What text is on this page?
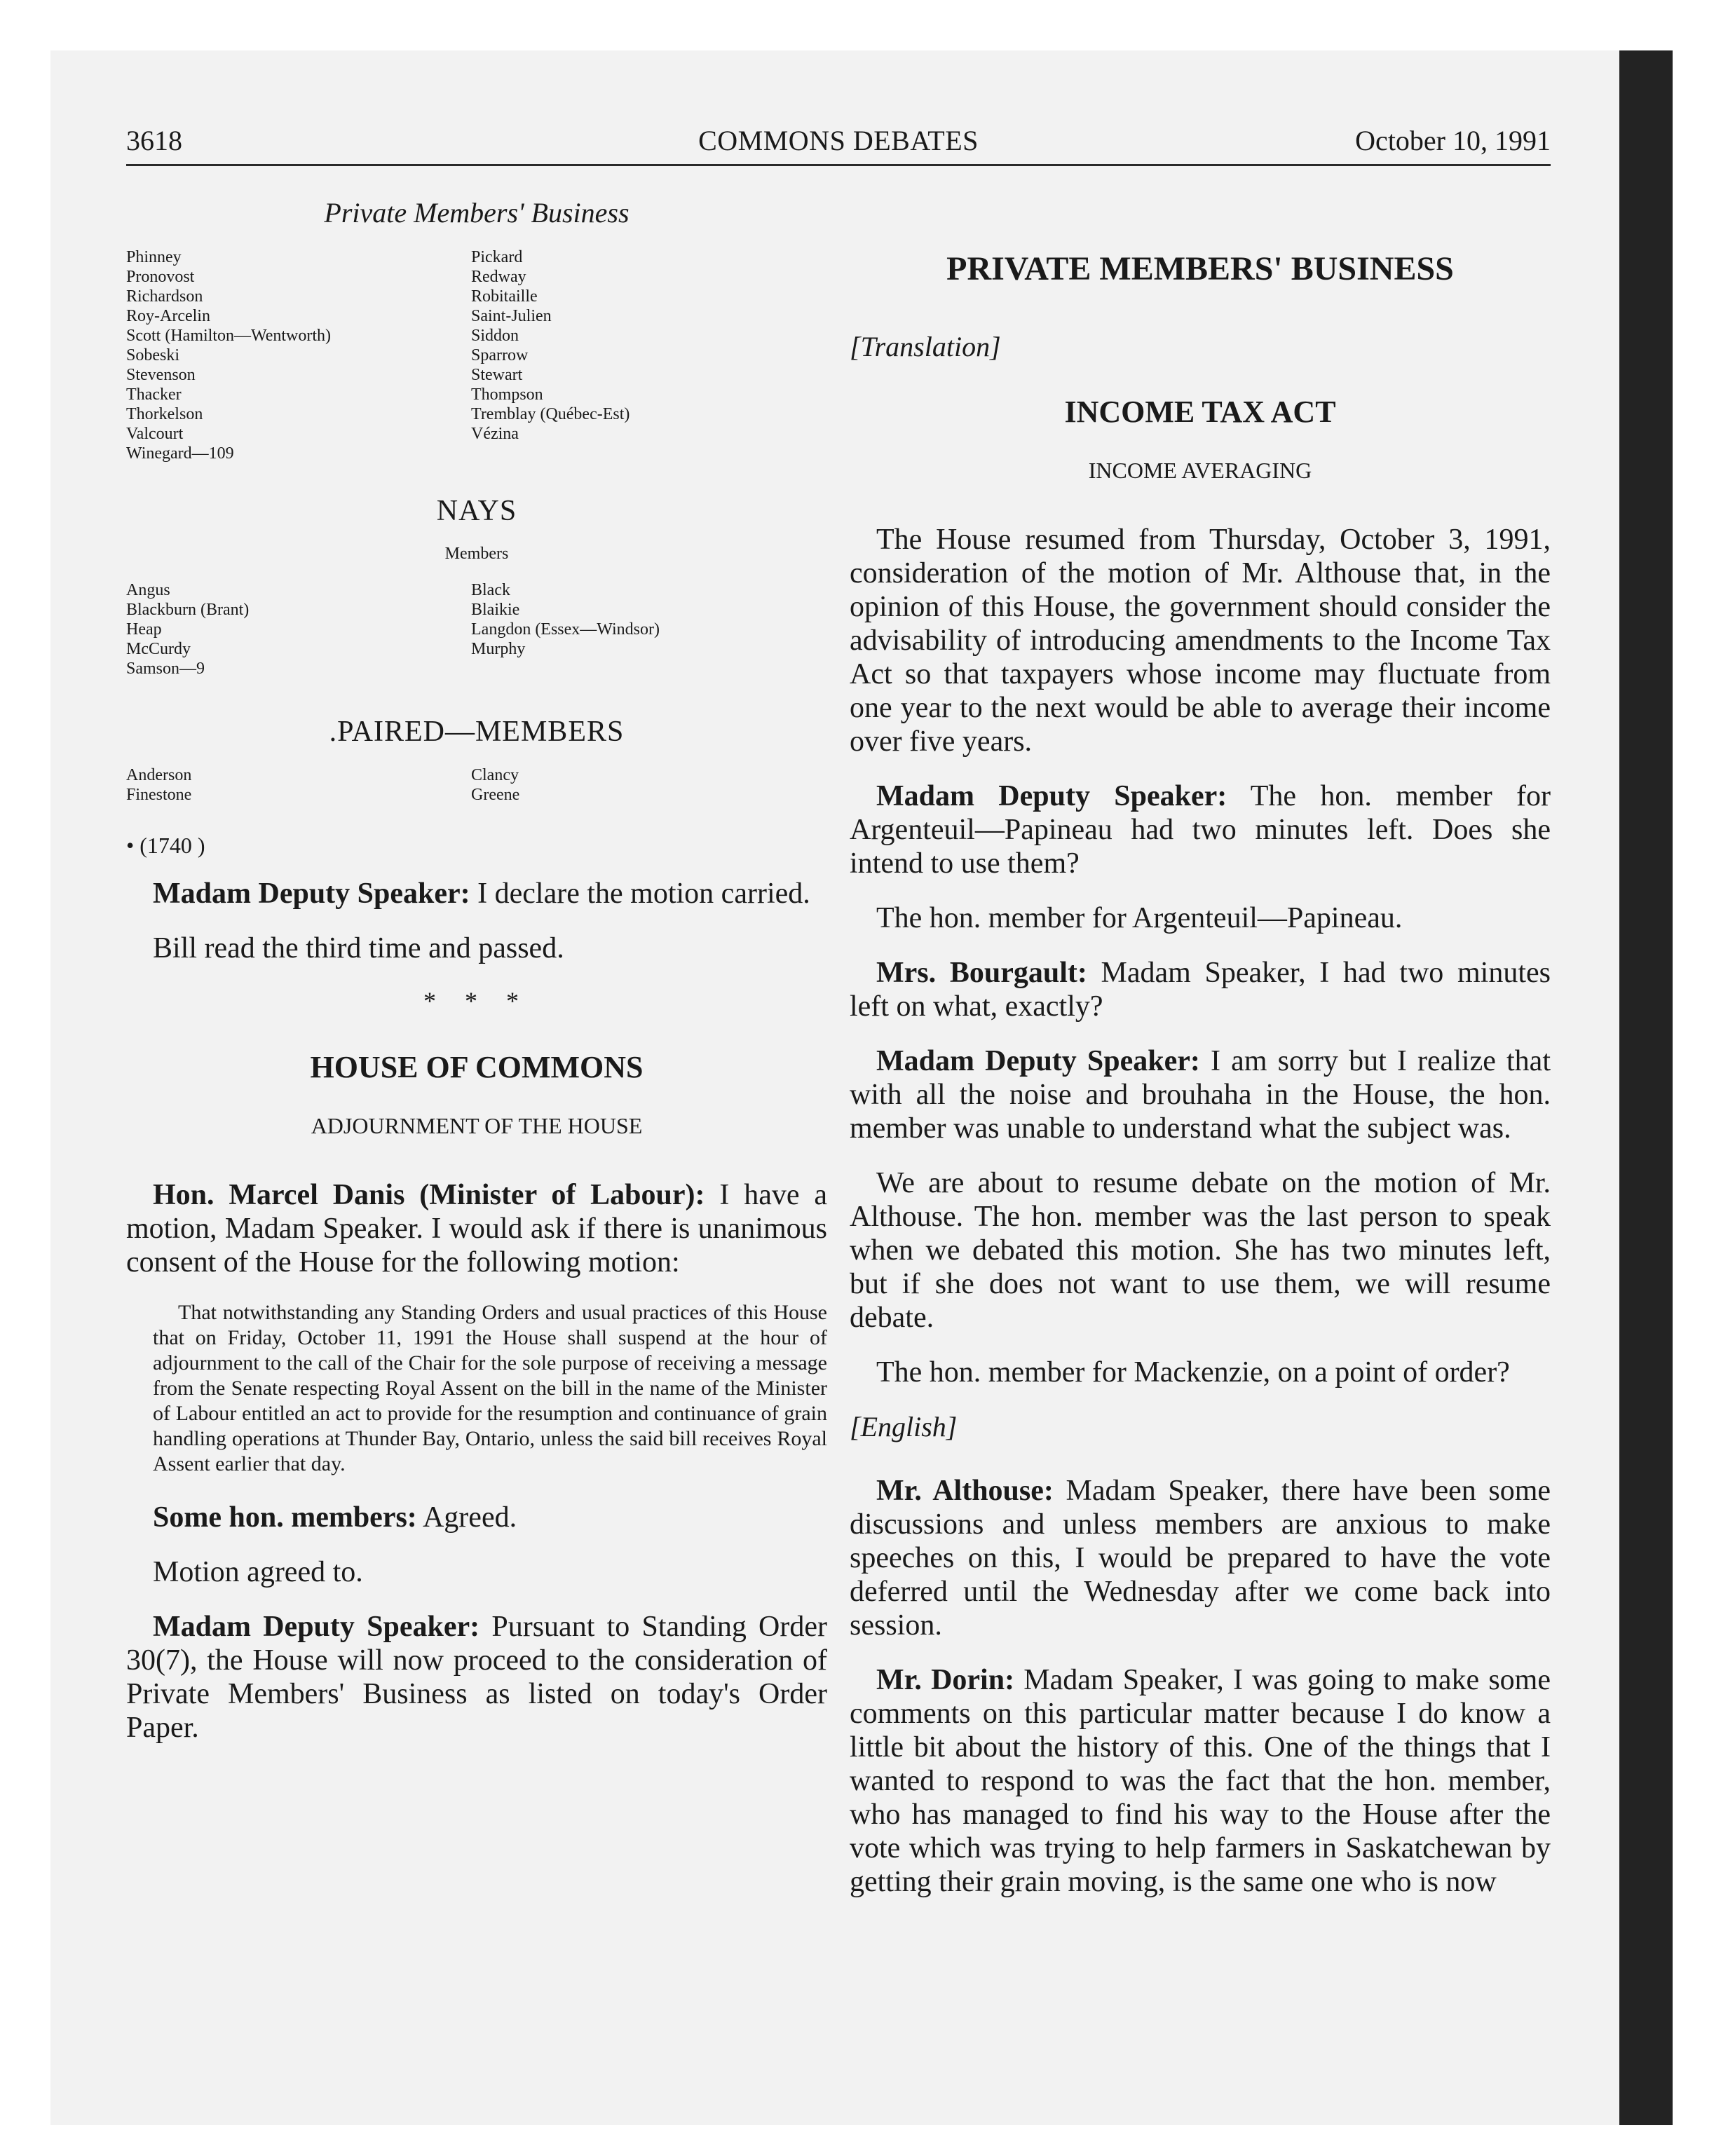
3618	COMMONS DEBATES	October 10, 1991
Private Members' Business
Phinney
Pronovost
Richardson
Roy-Arcelin
Scott (Hamilton—Wentworth)
Sobeski
Stevenson
Thacker
Thorkelson
Valcourt
Winegard—109
Pickard
Redway
Robitaille
Saint-Julien
Siddon
Sparrow
Stewart
Thompson
Tremblay (Québec-Est)
Vézina
NAYS
Members
Angus
Blackburn (Brant)
Heap
McCurdy
Samson—9
Black
Blaikie
Langdon (Essex—Windsor)
Murphy
.PAIRED—MEMBERS
Anderson
Finestone
Clancy
Greene
• (1740 )

Madam Deputy Speaker: I declare the motion carried.

Bill read the third time and passed.

* * *
HOUSE OF COMMONS
ADJOURNMENT OF THE HOUSE

Hon. Marcel Danis (Minister of Labour): I have a motion, Madam Speaker. I would ask if there is unanimous consent of the House for the following motion:

That notwithstanding any Standing Orders and usual practices of this House that on Friday, October 11, 1991 the House shall suspend at the hour of adjournment to the call of the Chair for the sole purpose of receiving a message from the Senate respecting Royal Assent on the bill in the name of the Minister of Labour entitled an act to provide for the resumption and continuance of grain handling operations at Thunder Bay, Ontario, unless the said bill receives Royal Assent earlier that day.

Some hon. members: Agreed.

Motion agreed to.

Madam Deputy Speaker: Pursuant to Standing Order 30(7), the House will now proceed to the consideration of Private Members' Business as listed on today's Order Paper.

PRIVATE MEMBERS' BUSINESS
[Translation]
INCOME TAX ACT
INCOME AVERAGING

The House resumed from Thursday, October 3, 1991, consideration of the motion of Mr. Althouse that, in the opinion of this House, the government should consider the advisability of introducing amendments to the Income Tax Act so that taxpayers whose income may fluctuate from one year to the next would be able to average their income over five years.

Madam Deputy Speaker: The hon. member for Argenteuil—Papineau had two minutes left. Does she intend to use them?

The hon. member for Argenteuil—Papineau.

Mrs. Bourgault: Madam Speaker, I had two minutes left on what, exactly?

Madam Deputy Speaker: I am sorry but I realize that with all the noise and brouhaha in the House, the hon. member was unable to understand what the subject was.

We are about to resume debate on the motion of Mr. Althouse. The hon. member was the last person to speak when we debated this motion. She has two minutes left, but if she does not want to use them, we will resume debate.

The hon. member for Mackenzie, on a point of order?

[English]

Mr. Althouse: Madam Speaker, there have been some discussions and unless members are anxious to make speeches on this, I would be prepared to have the vote deferred until the Wednesday after we come back into session.

Mr. Dorin: Madam Speaker, I was going to make some comments on this particular matter because I do know a little bit about the history of this. One of the things that I wanted to respond to was the fact that the hon. member, who has managed to find his way to the House after the vote which was trying to help farmers in Saskatchewan by getting their grain moving, is the same one who is now
